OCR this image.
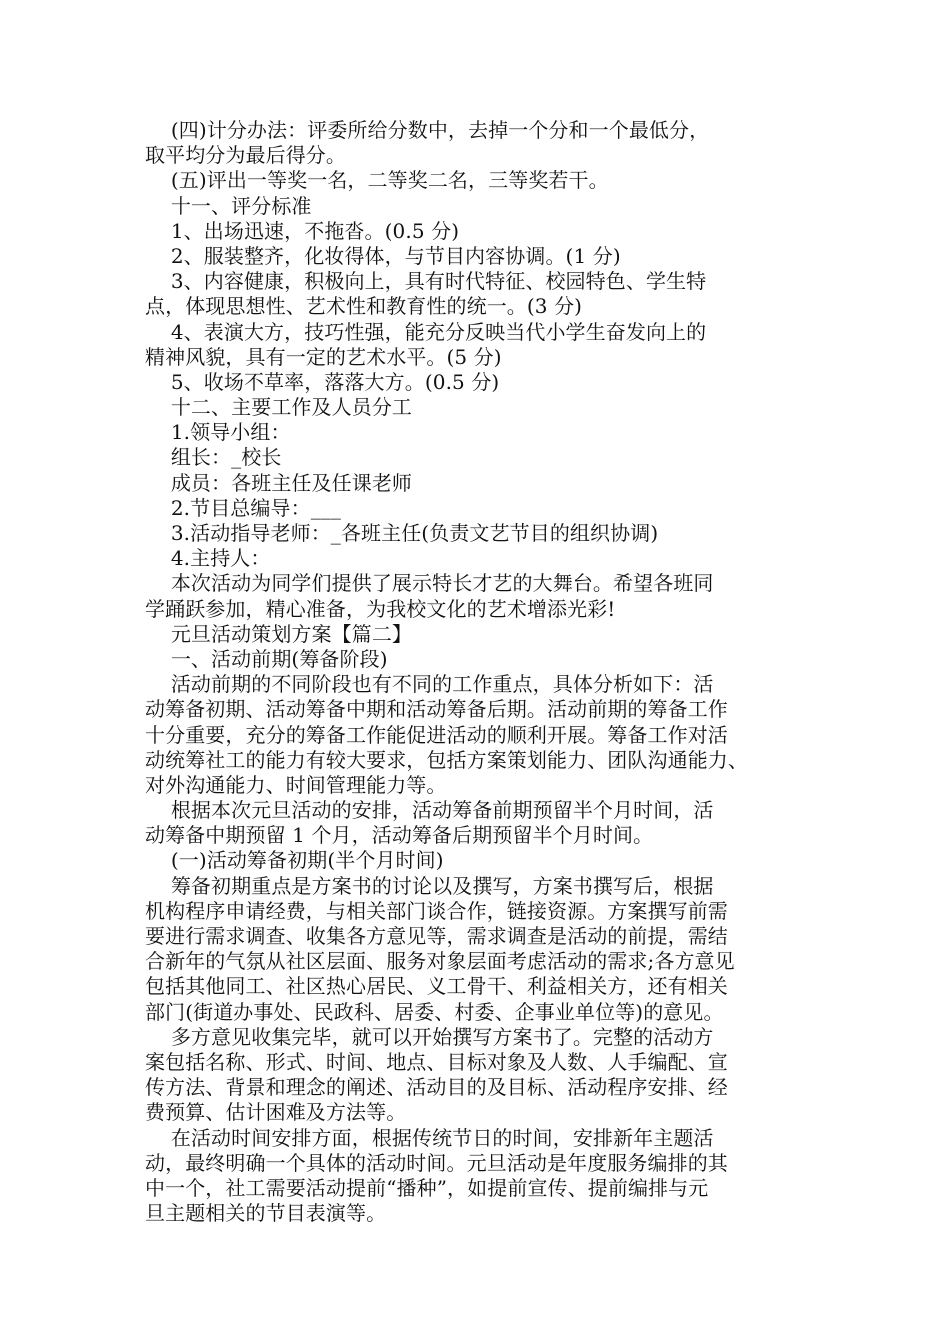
(四)计分办法：评委所给分数中，去掉一个分和一个最低分，
取平均分为最后得分。
(五)评出一等奖一名，二等奖二名，三等奖若干。
十一、评分标准
1、出场迅速，不拖沓。(0.5 分)
2、服装整齐，化妆得体，与节目内容协调。(1 分)
3、内容健康，积极向上，具有时代特征、校园特色、学生特
点，体现思想性、艺术性和教育性的统一。(3 分)
4、表演大方，技巧性强，能充分反映当代小学生奋发向上的
精神风貌，具有一定的艺术水平。(5 分)
5、收场不草率，落落大方。(0.5 分)
十二、主要工作及人员分工
1.领导小组：
组长：_校长
成员：各班主任及任课老师
2.节目总编导：___
3.活动指导老师：_各班主任(负责文艺节目的组织协调)
4.主持人：
本次活动为同学们提供了展示特长才艺的大舞台。希望各班同
学踊跃参加，精心准备，为我校文化的艺术增添光彩!
元旦活动策划方案【篇二】
一、活动前期(筹备阶段)
活动前期的不同阶段也有不同的工作重点，具体分析如下：活
动筹备初期、活动筹备中期和活动筹备后期。活动前期的筹备工作
十分重要，充分的筹备工作能促进活动的顺利开展。筹备工作对活
动统筹社工的能力有较大要求，包括方案策划能力、团队沟通能力、
对外沟通能力、时间管理能力等。
根据本次元旦活动的安排，活动筹备前期预留半个月时间，活
动筹备中期预留 1 个月，活动筹备后期预留半个月时间。
(一)活动筹备初期(半个月时间)
筹备初期重点是方案书的讨论以及撰写，方案书撰写后，根据
机构程序申请经费，与相关部门谈合作，链接资源。方案撰写前需
要进行需求调查、收集各方意见等，需求调查是活动的前提，需结
合新年的气氛从社区层面、服务对象层面考虑活动的需求;各方意见
包括其他同工、社区热心居民、义工骨干、利益相关方，还有相关
部门(街道办事处、民政科、居委、村委、企事业单位等)的意见。
多方意见收集完毕，就可以开始撰写方案书了。完整的活动方
案包括名称、形式、时间、地点、目标对象及人数、人手编配、宣
传方法、背景和理念的阐述、活动目的及目标、活动程序安排、经
费预算、估计困难及方法等。
在活动时间安排方面，根据传统节日的时间，安排新年主题活
动，最终明确一个具体的活动时间。元旦活动是年度服务编排的其
中一个，社工需要活动提前“播种”，如提前宣传、提前编排与元
旦主题相关的节目表演等。
